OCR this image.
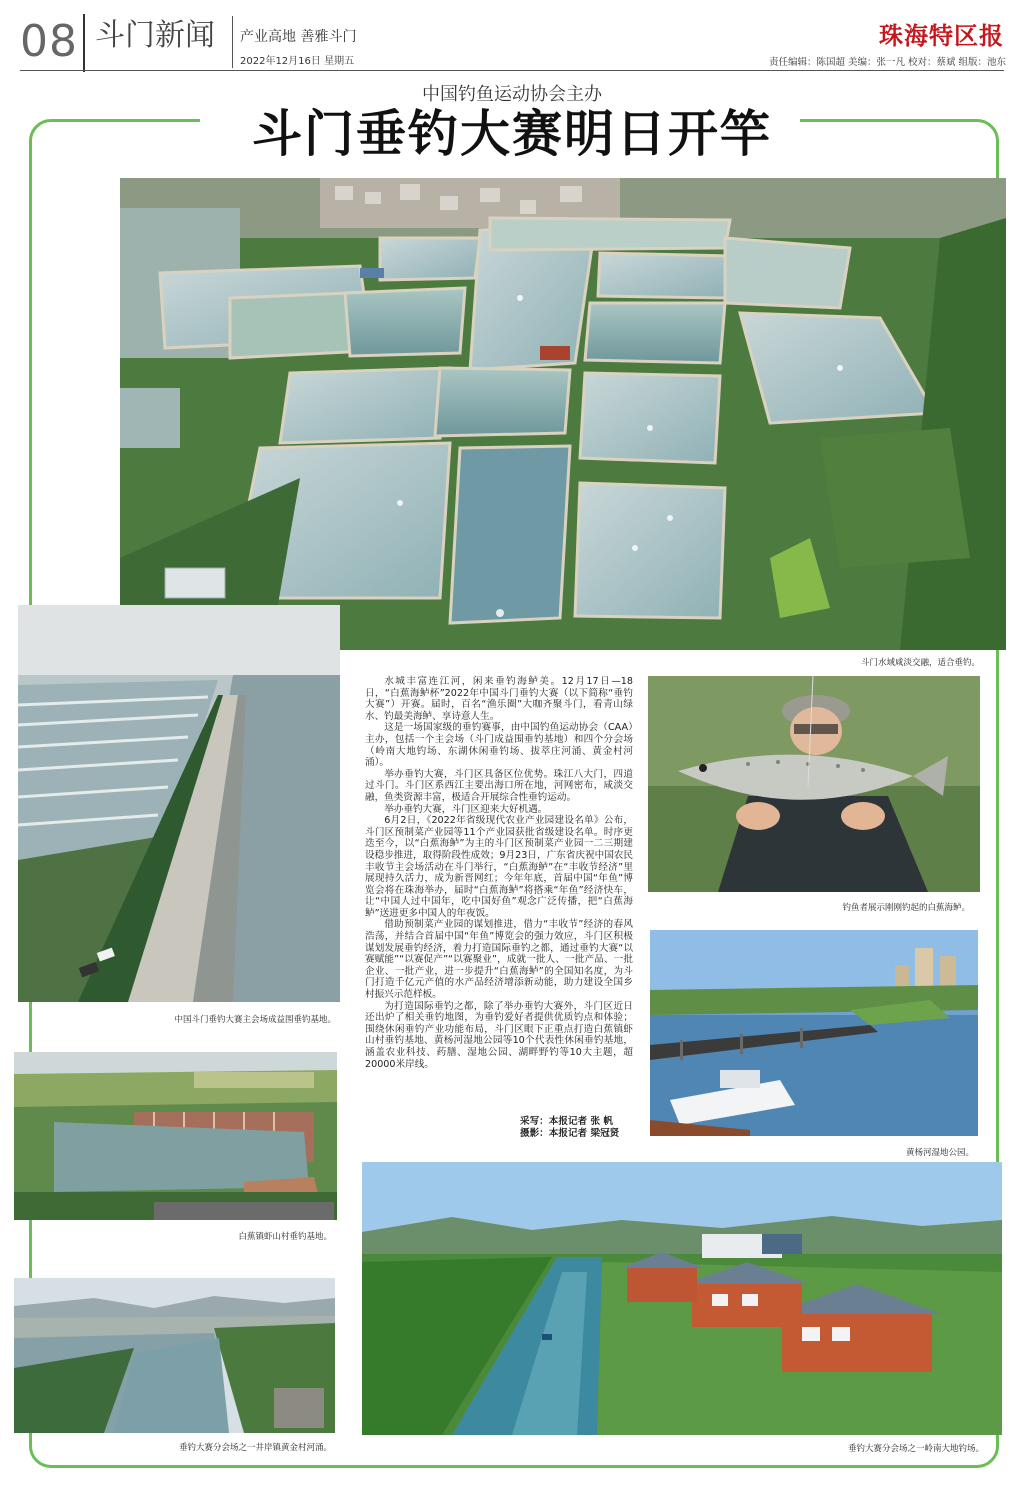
08 斗门新闻 产业高地 善雅斗门
2022年12月16日 星期五
珠海特区报
责任编辑：陈国超 美编：张一凡 校对：蔡斌 组版：池东
中国钓鱼运动协会主办
斗门垂钓大赛明日开竿
斗门水域咸淡交融，适合垂钓。
中国斗门垂钓大赛主会场成益围垂钓基地。
白蕉镇虾山村垂钓基地。
垂钓大赛分会场之一井岸镇黄金村河涌。
钓鱼者展示刚刚钓起的白蕉海鲈。
黄杨河湿地公园。
垂钓大赛分会场之一岭南大地钓场。

水城丰富连江河，闲来垂钓海鲈美。12月17日—18日，“白蕉海鲈杯”2022年中国斗门垂钓大赛（以下简称“垂钓大赛”）开赛。届时，百名“渔乐圈”大咖齐聚斗门，看青山绿水、钓最美海鲈、享诗意人生。

这是一场国家级的垂钓赛事，由中国钓鱼运动协会（CAA）主办，包括一个主会场（斗门成益围垂钓基地）和四个分会场（岭南大地钓场、东湖休闲垂钓场、拔萃庄河涌、黄金村河涌）。

举办垂钓大赛，斗门区具备区位优势。珠江八大门，四道过斗门。斗门区系西江主要出海口所在地，河网密布，咸淡交融，鱼类资源丰富，极适合开展综合性垂钓运动。

举办垂钓大赛，斗门区迎来大好机遇。

6月2日，《2022年省级现代农业产业园建设名单》公布，斗门区预制菜产业园等11个产业园获批省级建设名单。时序更迭至今，以“白蕉海鲈”为主的斗门区预制菜产业园一二三期建设稳步推进，取得阶段性成效；9月23日，广东省庆祝中国农民丰收节主会场活动在斗门举行，“白蕉海鲈”在“丰收节经济”里展现持久活力，成为新晋网红；今年年底，首届中国“年鱼”博览会将在珠海举办，届时“白蕉海鲈”将搭乘“年鱼”经济快车，让“中国人过中国年，吃中国好鱼”观念广泛传播，把“白蕉海鲈”送进更多中国人的年夜饭。

借助预制菜产业园的谋划推进，借力“丰收节”经济的春风浩荡，并结合首届中国“年鱼”博览会的强力效应，斗门区积极谋划发展垂钓经济，着力打造国际垂钓之都，通过垂钓大赛“以赛赋能”“以赛促产”“以赛聚业”，成就一批人、一批产品、一批企业、一批产业，进一步提升“白蕉海鲈”的全国知名度，为斗门打造千亿元产值的水产品经济增添新动能，助力建设全国乡村振兴示范样板。

为打造国际垂钓之都，除了举办垂钓大赛外，斗门区近日还出炉了相关垂钓地图，为垂钓爱好者提供优质钓点和体验；围绕休闲垂钓产业功能布局，斗门区眼下正重点打造白蕉镇虾山村垂钓基地、黄杨河湿地公园等10个代表性休闲垂钓基地，涵盖农业科技、药膳、湿地公园、湖畔野钓等10大主题，超20000米岸线。

采写：本报记者 张 帆
摄影：本报记者 梁冠贤
